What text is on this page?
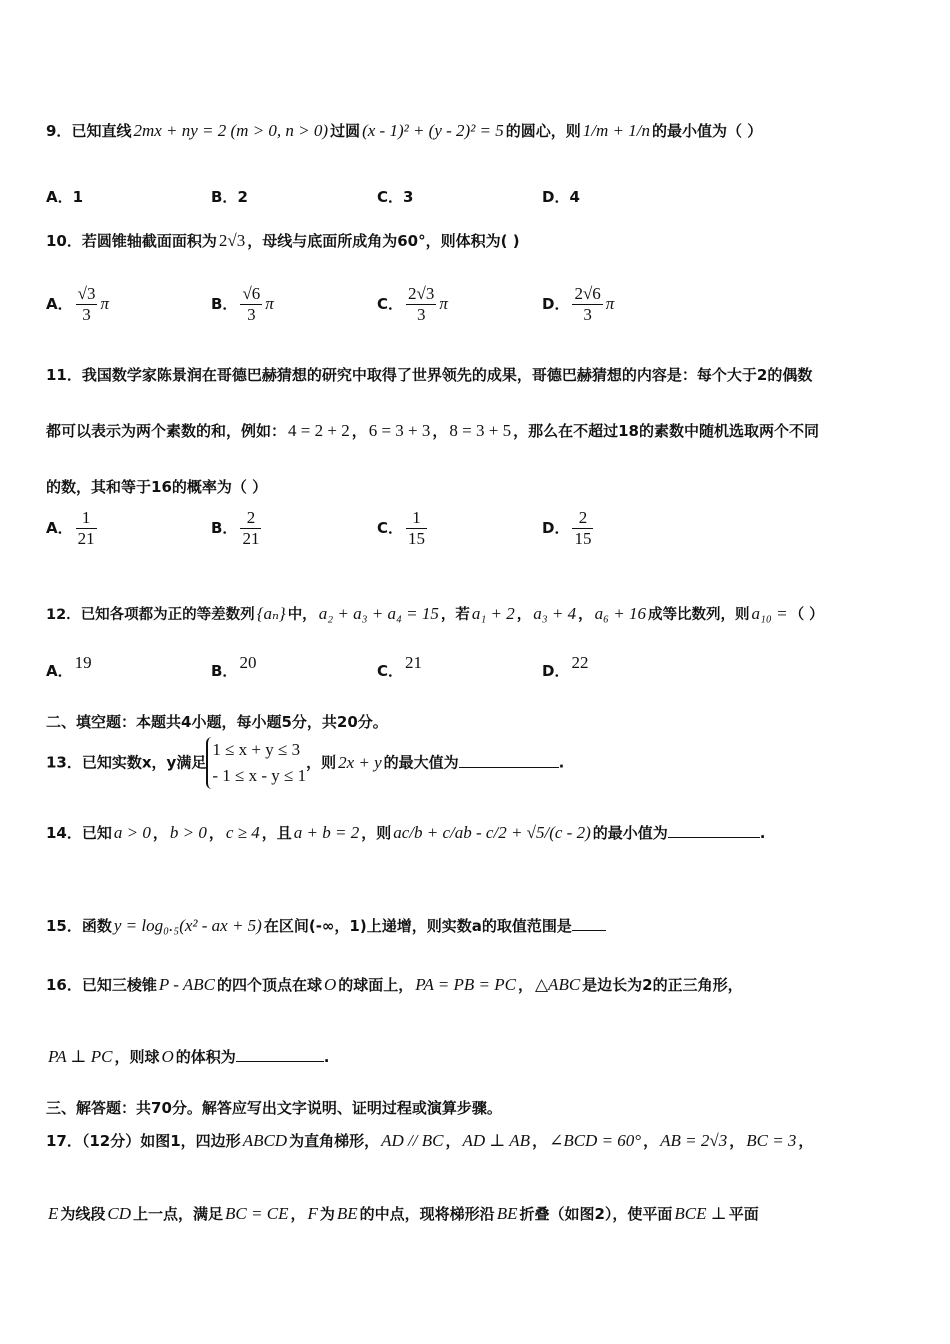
9．已知直线 2mx + ny = 2 (m > 0, n > 0) 过圆 (x - 1)² + (y - 2)² = 5 的圆心，则 1/m + 1/n 的最小值为（ ）
A．1	B．2	C．3	D．4
10．若圆锥轴截面面积为 2√3 ，母线与底面所成角为60°，则体积为( )
A． $\frac{√3}{3}$ π	B． $\frac{√6}{3}$ π	C． $\frac{2√3}{3}$ π	D． $\frac{2√6}{3}$ π
11．我国数学家陈景润在哥德巴赫猜想的研究中取得了世界领先的成果，哥德巴赫猜想的内容是：每个大于2的偶数
都可以表示为两个素数的和，例如： 4 = 2 + 2 ， 6 = 3 + 3 ， 8 = 3 + 5 ，那么在不超过18的素数中随机选取两个不同
的数，其和等于16的概率为（ ）
A． $\frac{1}{21}$	B． $\frac{2}{21}$	C． $\frac{1}{15}$	D． $\frac{2}{15}$
12．已知各项都为正的等差数列 {aₙ} 中， a₂ + a₃ + a₄ = 15 ，若 a₁ + 2 ， a₃ + 4 ， a₆ + 16 成等比数列，则 a₁₀ = （ ）
A． 19	B． 20	C． 21	D． 22
二、填空题：本题共4小题，每小题5分，共20分。
13．已知实数x，y满足
1 ≤ x + y ≤ 3
- 1 ≤ x - y ≤ 1
，则 2x + y 的最大值为	.
14．已知 a > 0 ， b > 0 ， c ≥ 4 ，且 a + b = 2 ，则 ac/b + c/ab - c/2 + √5/(c - 2) 的最小值为	.
15．函数 y = log₀.₅(x² - ax + 5) 在区间(-∞，1)上递增，则实数a的取值范围是
16．已知三棱锥 P - ABC 的四个顶点在球 O 的球面上， PA = PB = PC ， △ABC 是边长为2的正三角形，
PA ⊥ PC ，则球 O 的体积为	.
三、解答题：共70分。解答应写出文字说明、证明过程或演算步骤。
17．（12分）如图1，四边形 ABCD 为直角梯形， AD // BC ， AD ⊥ AB ， ∠BCD = 60° ， AB = 2√3 ， BC = 3 ，
E 为线段 CD 上一点，满足 BC = CE ， F 为 BE 的中点，现将梯形沿 BE 折叠（如图2），使平面 BCE ⊥ 平面
